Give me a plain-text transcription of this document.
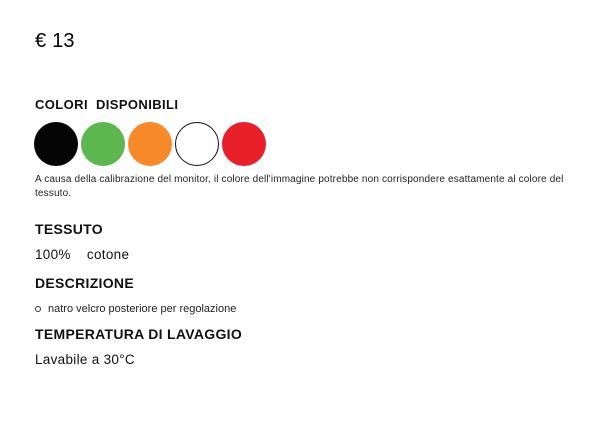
€ 13
COLORI DISPONIBILI
A causa della calibrazione del monitor, il colore dell'immagine potrebbe non corrispondere esattamente al colore del tessuto.
TESSUTO
100%    cotone
DESCRIZIONE
natro velcro posteriore per regolazione
TEMPERATURA DI LAVAGGIO
Lavabile a 30°C
